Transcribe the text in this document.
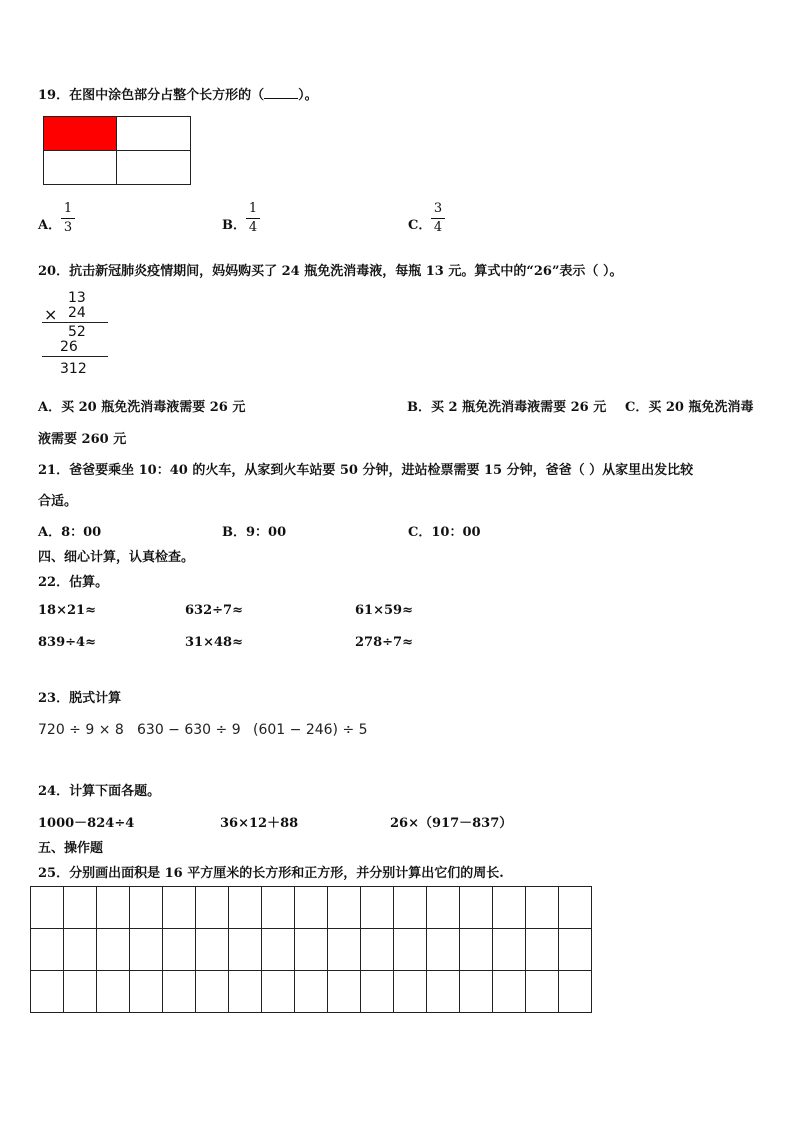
19．在图中涂色部分占整个长方形的（	）。
A．
1
3	B．
1
4	C．
3
4
20．抗击新冠肺炎疫情期间，妈妈购买了 24 瓶免洗消毒液，每瓶 13 元。算式中的“26”表示（ ）。
13
× 24
52
26
312
A．买 20 瓶免洗消毒液需要 26 元	B．买 2 瓶免洗消毒液需要 26 元 C．买 20 瓶免洗消毒
液需要 260 元
21．爸爸要乘坐 10：40 的火车，从家到火车站要 50 分钟，进站检票需要 15 分钟，爸爸（ ）从家里出发比较
合适。
A．8：00	B．9：00	C．10：00
四、细心计算，认真检查。
22．估算。
18×21≈	632÷7≈	61×59≈
839÷4≈	31×48≈	278÷7≈
23．脱式计算
720 ÷ 9 × 8 630 − 630 ÷ 9 (601 − 246) ÷ 5
24．计算下面各题。
1000－824÷4	36×12＋88	26×（917－837）
五、操作题
25．分别画出面积是 16 平方厘米的长方形和正方形，并分别计算出它们的周长.
